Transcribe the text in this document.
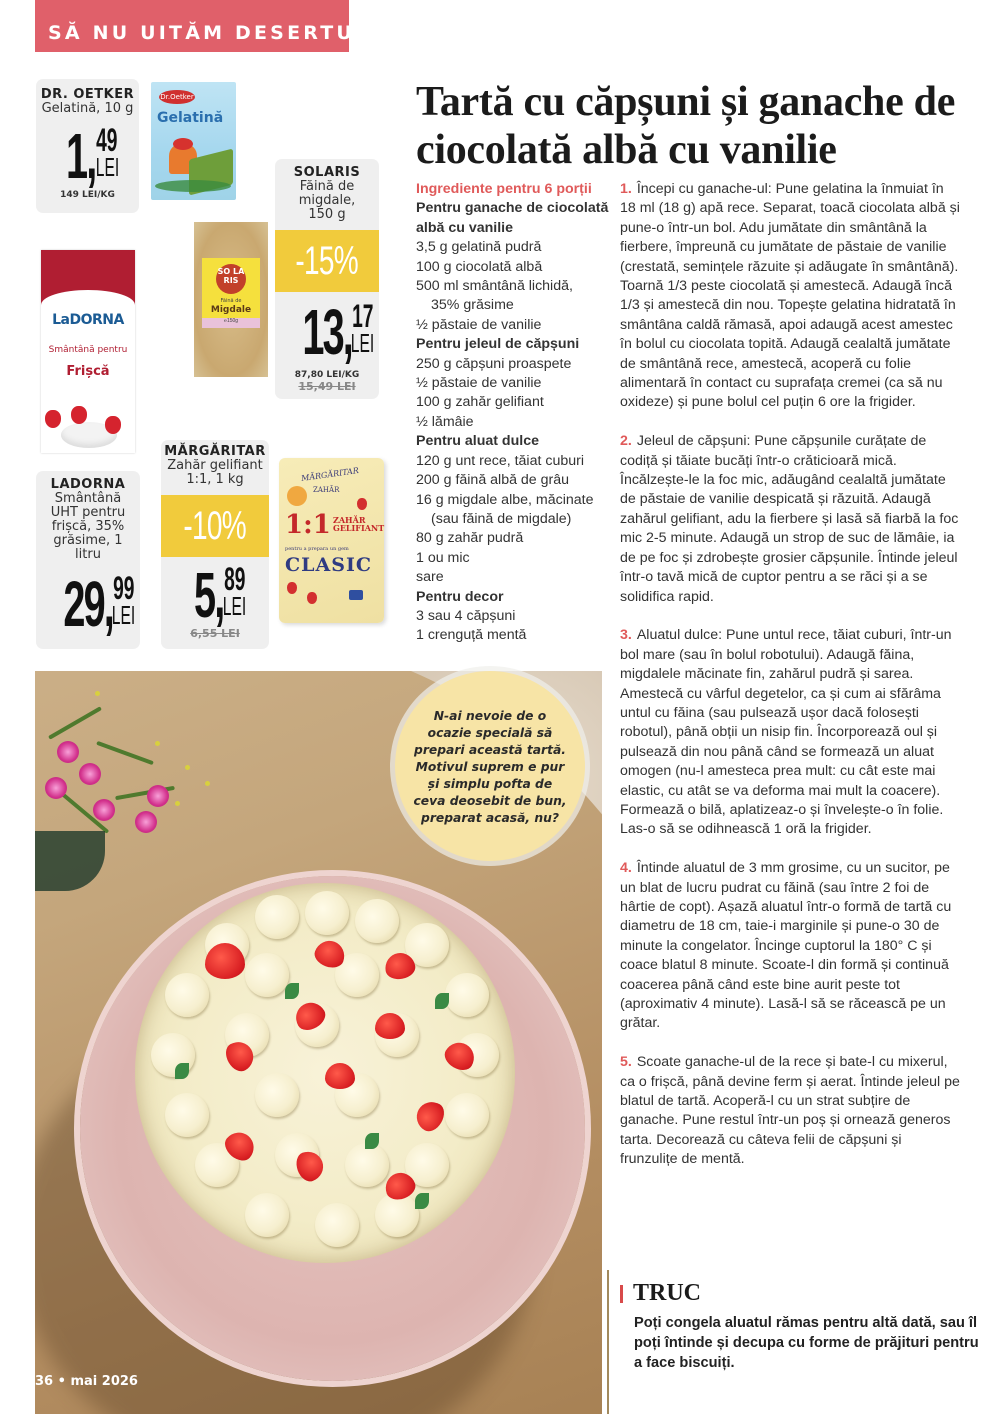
SĂ NU UITĂM DESERTUL
Dr.Oetker
Gelatină
LaDORNA
Smântână pentru
Frișcă
SO LA RIS
Făină de
Migdale
℮150g
MĂRGĂRITAR
ZAHĂR
1:1 ZAHĂR GELIFIANT
pentru a prepara un gem
CLASIC
DR. OETKER
Gelatină, 10 g
1, 49
LEI
149 LEI/KG
SOLARIS
Făină de migdale, 150 g
-15%
13, 17
LEI
87,80 LEI/KG
15,49 LEI
LADORNA
Smântână UHT pentru frișcă, 35% grăsime, 1 litru
29, 99
LEI
MĂRGĂRITAR
Zahăr gelifiant 1:1, 1 kg
-10%
5, 89
LEI
6,55 LEI
Tartă cu căpșuni și ganache de ciocolată albă cu vanilie
Ingrediente pentru 6 porții
Pentru ganache de ciocolată albă cu vanilie
3,5 g gelatină pudră
100 g ciocolată albă
500 ml smântână lichidă,
35% grăsime
½ păstaie de vanilie
Pentru jeleul de căpșuni
250 g căpșuni proaspete
½ păstaie de vanilie
100 g zahăr gelifiant
½ lămâie
Pentru aluat dulce
120 g unt rece, tăiat cuburi
200 g făină albă de grâu
16 g migdale albe, măcinate
(sau făină de migdale)
80 g zahăr pudră
1 ou mic
sare
Pentru decor
3 sau 4 căpșuni
1 crenguță mentă

1. Începi cu ganache-ul: Pune gelatina la înmuiat în 18 ml (18 g) apă rece. Separat, toacă ciocolata albă și pune-o într-un bol. Adu jumătate din smântână la fierbere, împreună cu jumătate de păstaie de vanilie (crestată, semințele răzuite și adăugate în smântână). Toarnă 1/3 peste ciocolată și amestecă. Adaugă încă 1/3 și amestecă din nou. Topește gelatina hidratată în smântâna caldă rămasă, apoi adaugă acest amestec în bolul cu ciocolata topită. Adaugă cealaltă jumătate de smântână rece, amestecă, acoperă cu folie alimentară în contact cu suprafața cremei (ca să nu oxideze) și pune bolul cel puțin 6 ore la frigider.

2. Jeleul de căpșuni: Pune căpșunile curățate de codiță și tăiate bucăți într-o crăticioară mică. Încălzește-le la foc mic, adăugând cealaltă jumătate de păstaie de vanilie despicată și răzuită. Adaugă zahărul gelifiant, adu la fierbere și lasă să fiarbă la foc mic 2-5 minute. Adaugă un strop de suc de lămâie, ia de pe foc și zdrobește grosier căpșunile. Întinde jeleul într-o tavă mică de cuptor pentru a se răci și a se solidifica rapid.

3. Aluatul dulce: Pune untul rece, tăiat cuburi, într-un bol mare (sau în bolul robotului). Adaugă făina, migdalele măcinate fin, zahărul pudră și sarea. Amestecă cu vârful degetelor, ca și cum ai sfărâma untul cu făina (sau pulsează ușor dacă folosești robotul), până obții un nisip fin. Încorporează oul și pulsează din nou până când se formează un aluat omogen (nu-l amesteca prea mult: cu cât este mai elastic, cu atât se va deforma mai mult la coacere). Formează o bilă, aplatizeaz-o și învelește-o în folie. Las-o să se odihnească 1 oră la frigider.

4. Întinde aluatul de 3 mm grosime, cu un sucitor, pe un blat de lucru pudrat cu făină (sau între 2 foi de hârtie de copt). Așază aluatul într-o formă de tartă cu diametru de 18 cm, taie-i marginile și pune-o 30 de minute la congelator. Încinge cuptorul la 180° C și coace blatul 8 minute. Scoate-l din formă și continuă coacerea până când este bine aurit peste tot (aproximativ 4 minute). Lasă-l să se răcească pe un grătar.

5. Scoate ganache-ul de la rece și bate-l cu mixerul, ca o frișcă, până devine ferm și aerat. Întinde jeleul pe blatul de tartă. Acoperă-l cu un strat subțire de ganache. Pune restul într-un poș și ornează generos tarta. Decorează cu câteva felii de căpșuni și frunzulițe de mentă.

36 • mai 2026
N-ai nevoie de o ocazie specială să prepari această tartă. Motivul suprem e pur și simplu pofta de ceva deosebit de bun, preparat acasă, nu?
TRUC
Poți congela aluatul rămas pentru altă dată, sau îl poți întinde și decupa cu forme de prăjituri pentru a face biscuiți.
